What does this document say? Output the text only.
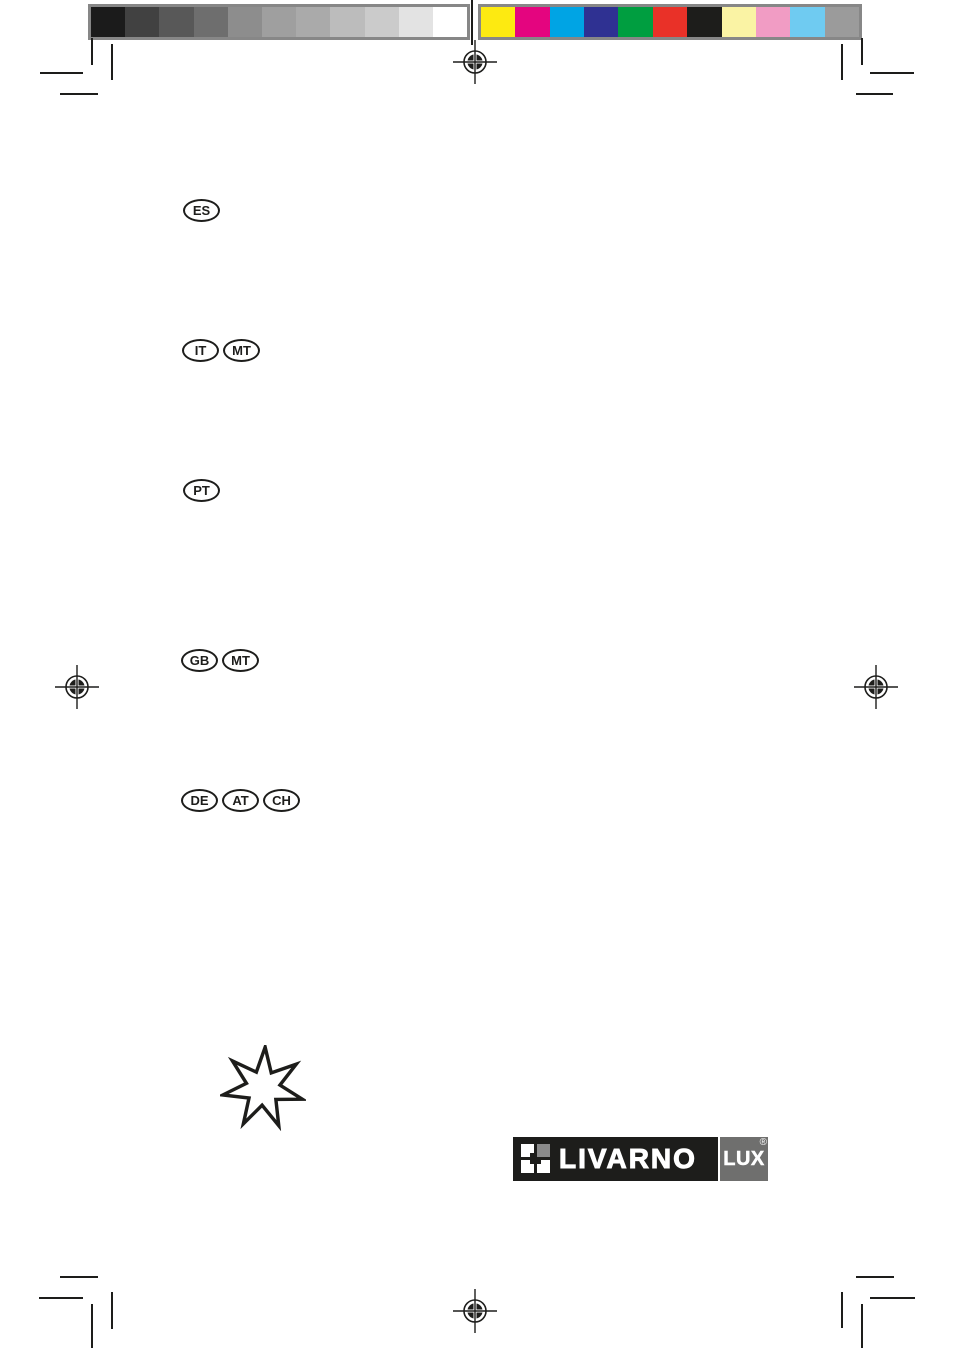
ES
IT	MT
PT
GB	MT
DE	AT	CH
LIVARNO LUX
®
